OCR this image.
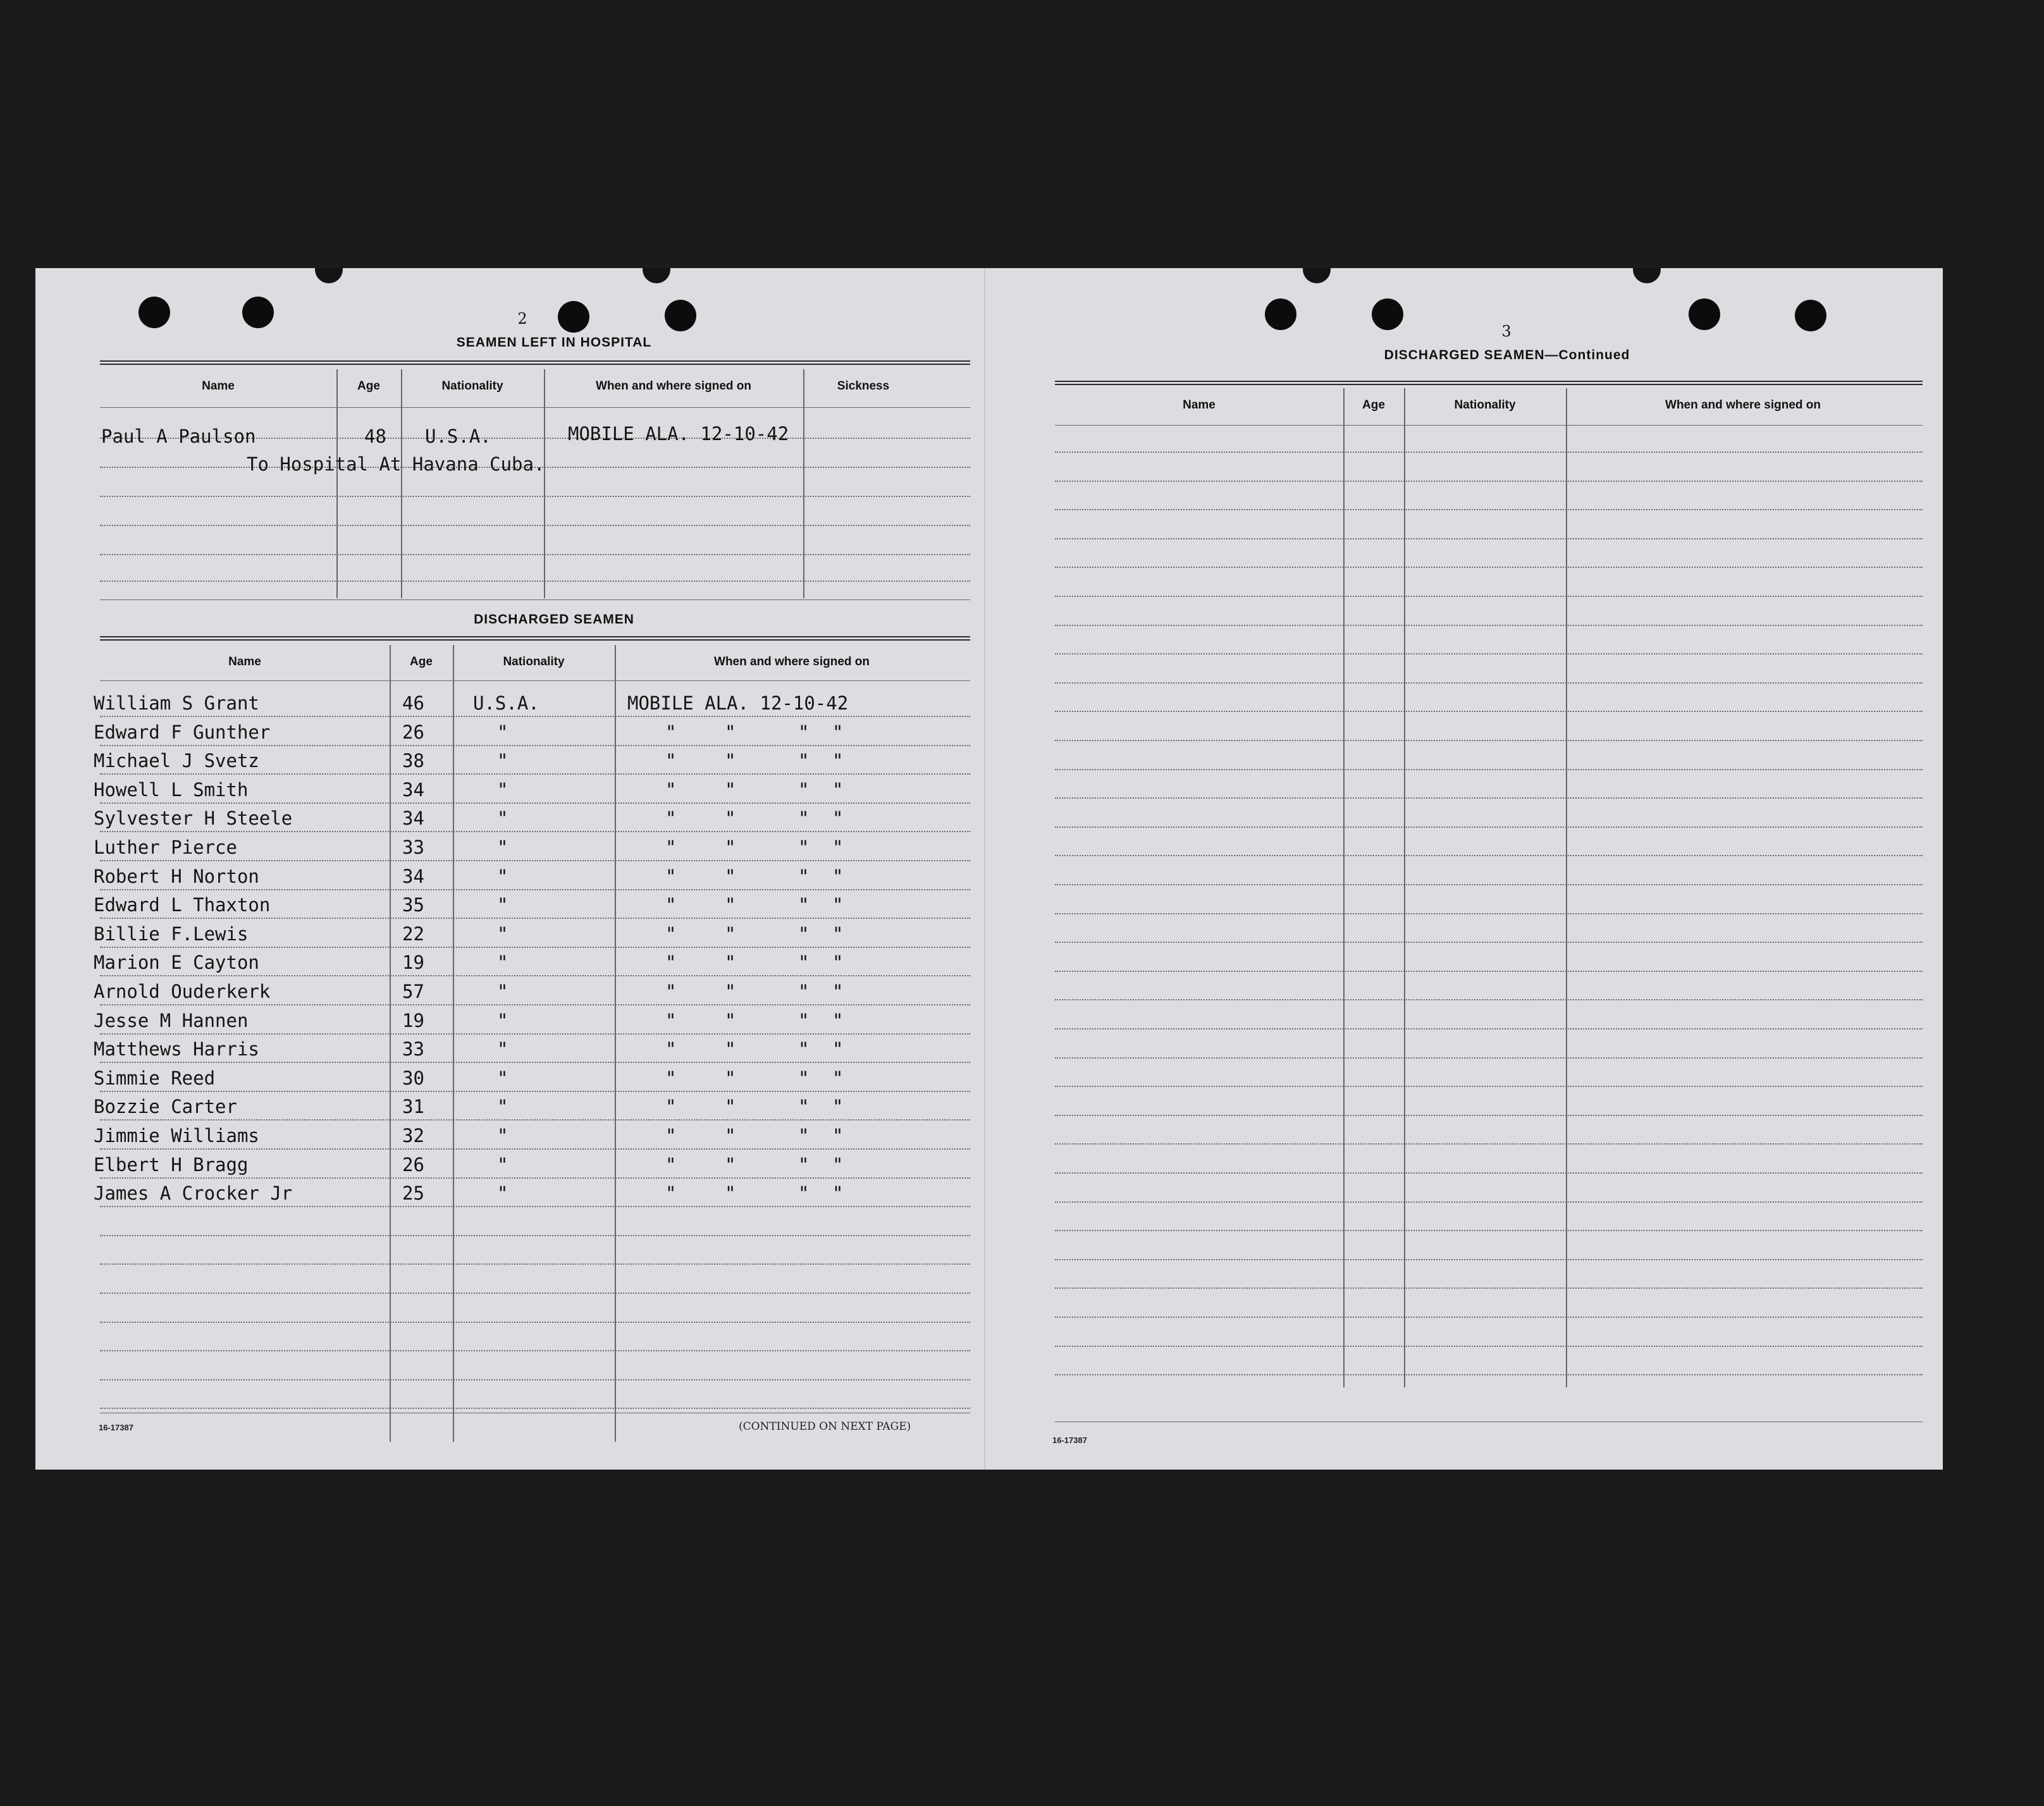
2
SEAMEN LEFT IN HOSPITAL
Name	Age	Nationality	When and where signed on	Sickness
Paul A Paulson	48 U.S.A.	MOBILE ALA. 12-10-42
To Hospital At Havana Cuba.
DISCHARGED SEAMEN
Name	Age	Nationality	When and where signed on
William S Grant	46	U.S.A.	MOBILE ALA. 12-10-42
Edward F Gunther	26	"	"	"	" "
Michael J Svetz	38	"	"	"	" "
Howell L Smith	34	"	"	"	" "
Sylvester H Steele	34	"	"	"	" "
Luther Pierce	33	"	"	"	" "
Robert H Norton	34	"	"	"	" "
Edward L Thaxton	35	"	"	"	" "
Billie F.Lewis	22	"	"	"	" "
Marion E Cayton	19	"	"	"	" "
Arnold Ouderkerk	57	"	"	"	" "
Jesse M Hannen	19	"	"	"	" "
Matthews Harris	33	"	"	"	" "
Simmie Reed	30	"	"	"	" "
Bozzie Carter	31	"	"	"	" "
Jimmie Williams	32	"	"	"	" "
Elbert H Bragg	26	"	"	"	" "
James A Crocker Jr	25	"	"	"	" "
16-17387	(CONTINUED ON NEXT PAGE)
3
DISCHARGED SEAMEN—Continued
Name	Age	Nationality	When and where signed on
16-17387
